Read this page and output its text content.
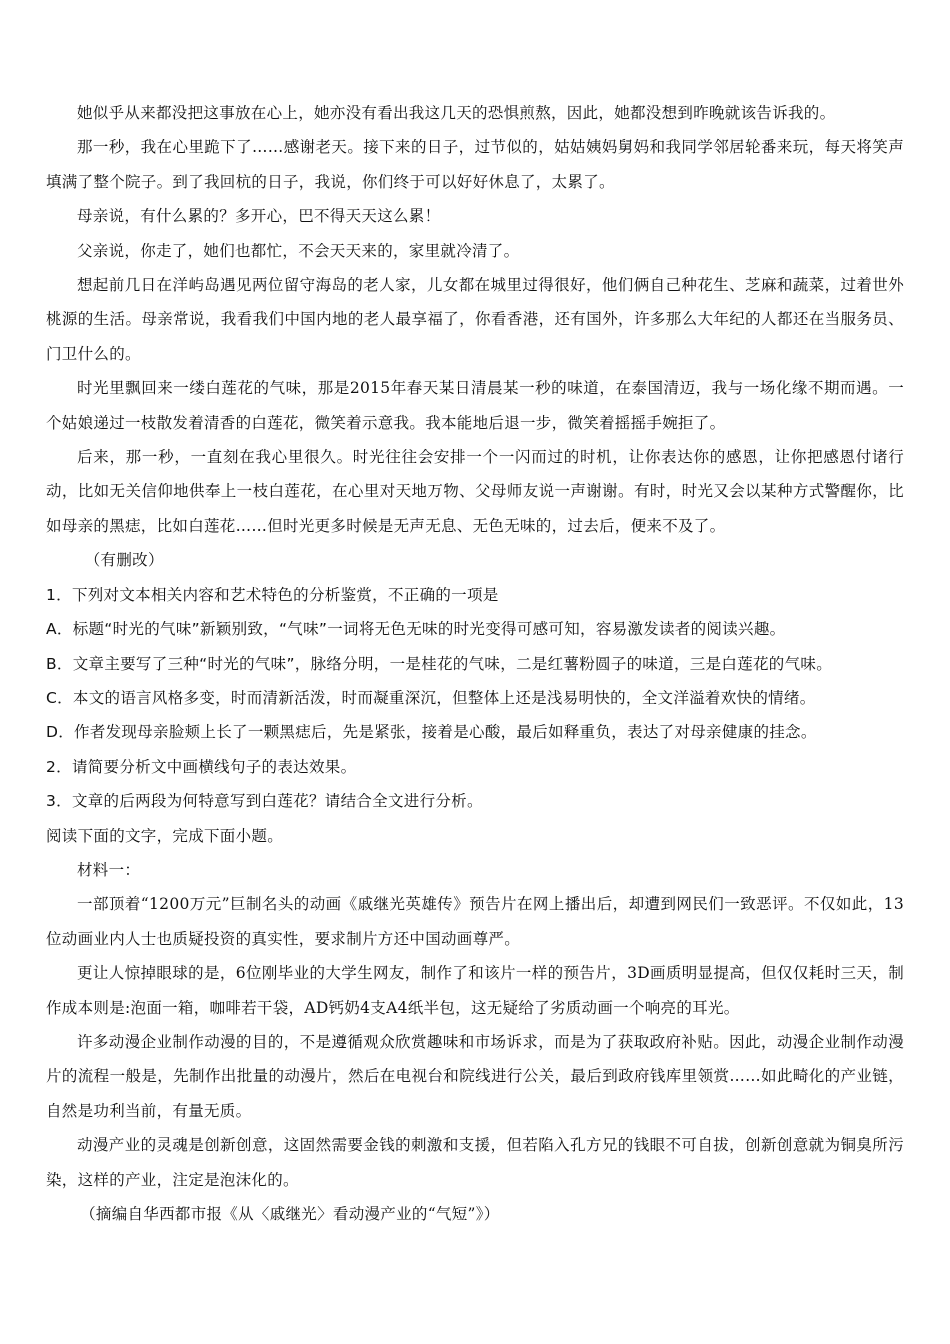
她似乎从来都没把这事放在心上，她亦没有看出我这几天的恐惧煎熬，因此，她都没想到昨晚就该告诉我的。

那一秒，我在心里跪下了……感谢老天。接下来的日子，过节似的，姑姑姨妈舅妈和我同学邻居轮番来玩，每天将笑声填满了整个院子。到了我回杭的日子，我说，你们终于可以好好休息了，太累了。

母亲说，有什么累的？多开心，巴不得天天这么累！

父亲说，你走了，她们也都忙，不会天天来的，家里就冷清了。

想起前几日在洋屿岛遇见两位留守海岛的老人家，儿女都在城里过得很好，他们俩自己种花生、芝麻和蔬菜，过着世外桃源的生活。母亲常说，我看我们中国内地的老人最享福了，你看香港，还有国外，许多那么大年纪的人都还在当服务员、门卫什么的。

时光里飘回来一缕白莲花的气味，那是2015年春天某日清晨某一秒的味道，在泰国清迈，我与一场化缘不期而遇。一个姑娘递过一枝散发着清香的白莲花，微笑着示意我。我本能地后退一步，微笑着摇摇手婉拒了。

后来，那一秒，一直刻在我心里很久。时光往往会安排一个一闪而过的时机，让你表达你的感恩，让你把感恩付诸行动，比如无关信仰地供奉上一枝白莲花，在心里对天地万物、父母师友说一声谢谢。有时，时光又会以某种方式警醒你，比如母亲的黑痣，比如白莲花……但时光更多时候是无声无息、无色无味的，过去后，便来不及了。

（有删改）

1．下列对文本相关内容和艺术特色的分析鉴赏，不正确的一项是

A．标题“时光的气味”新颖别致，“气味”一词将无色无味的时光变得可感可知，容易激发读者的阅读兴趣。

B．文章主要写了三种“时光的气味”，脉络分明，一是桂花的气味，二是红薯粉圆子的味道，三是白莲花的气味。

C．本文的语言风格多变，时而清新活泼，时而凝重深沉，但整体上还是浅易明快的，全文洋溢着欢快的情绪。

D．作者发现母亲脸颊上长了一颗黑痣后，先是紧张，接着是心酸，最后如释重负，表达了对母亲健康的挂念。

2．请简要分析文中画横线句子的表达效果。

3．文章的后两段为何特意写到白莲花？请结合全文进行分析。

阅读下面的文字，完成下面小题。

材料一：

一部顶着“1200万元”巨制名头的动画《戚继光英雄传》预告片在网上播出后，却遭到网民们一致恶评。不仅如此，13位动画业内人士也质疑投资的真实性，要求制片方还中国动画尊严。

更让人惊掉眼球的是，6位刚毕业的大学生网友，制作了和该片一样的预告片，3D画质明显提高，但仅仅耗时三天，制作成本则是:泡面一箱，咖啡若干袋，AD钙奶4支A4纸半包，这无疑给了劣质动画一个响亮的耳光。

许多动漫企业制作动漫的目的，不是遵循观众欣赏趣味和市场诉求，而是为了获取政府补贴。因此，动漫企业制作动漫片的流程一般是，先制作出批量的动漫片，然后在电视台和院线进行公关，最后到政府钱库里领赏……如此畸化的产业链，自然是功利当前，有量无质。

动漫产业的灵魂是创新创意，这固然需要金钱的刺激和支援，但若陷入孔方兄的钱眼不可自拔，创新创意就为铜臭所污染，这样的产业，注定是泡沫化的。

（摘编自华西都市报《从〈戚继光〉看动漫产业的“气短”》）
